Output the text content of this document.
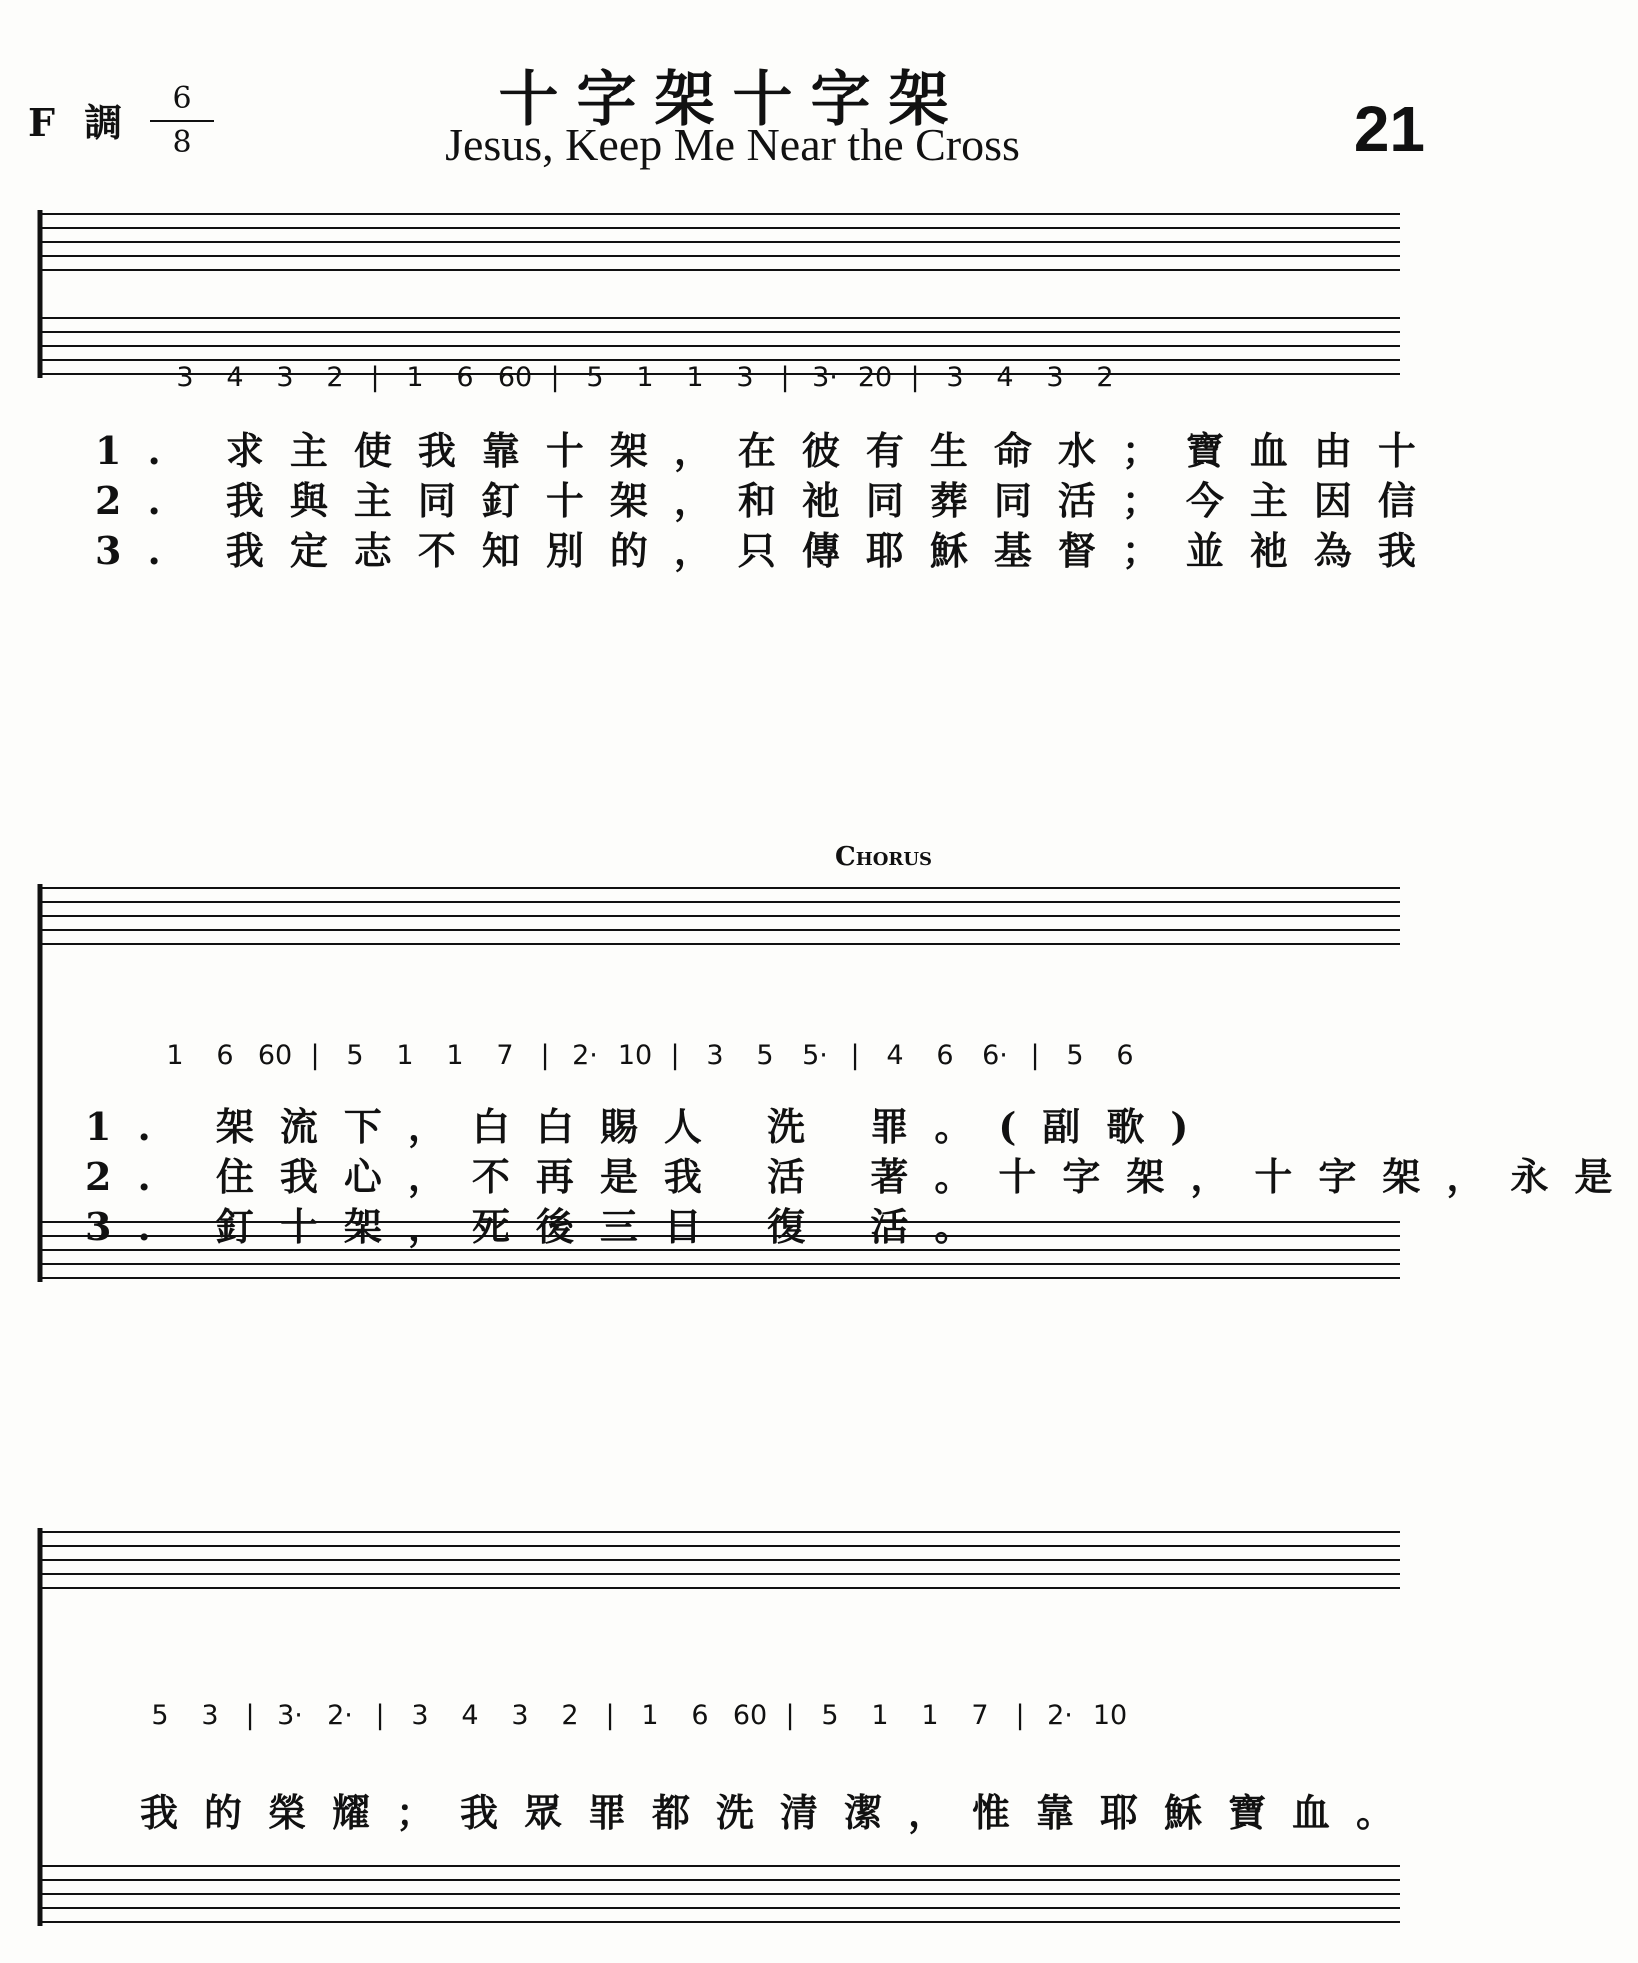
F 調
6
8
十字架十字架
Jesus, Keep Me Near the Cross	21
3	4	3	2 | 1	6 60 | 5	1	1	3 | 3· 20 | 3	4	3	2
1. 求主使我靠十架，在彼有生命水；寶血由十
2. 我與主同釘十架，和祂同葬同活；今主因信
3. 我定志不知別的，只傳耶穌基督；並祂為我
Chorus
1	6 60 | 5	1	1	7 | 2· 10 | 3	5	5· | 4	6	6· | 5	6
1. 架流下，白白賜人 洗 罪。(副歌)
2. 住我心，不再是我 活 著。十字架，十字架，永是
3. 釘十架，死後三日 復 活。
5	3 | 3· 2· | 3	4	3	2 | 1	6 60 | 5	1	1	7 | 2· 10
我的榮耀；我眾罪都洗清潔，惟靠耶穌寶血。
